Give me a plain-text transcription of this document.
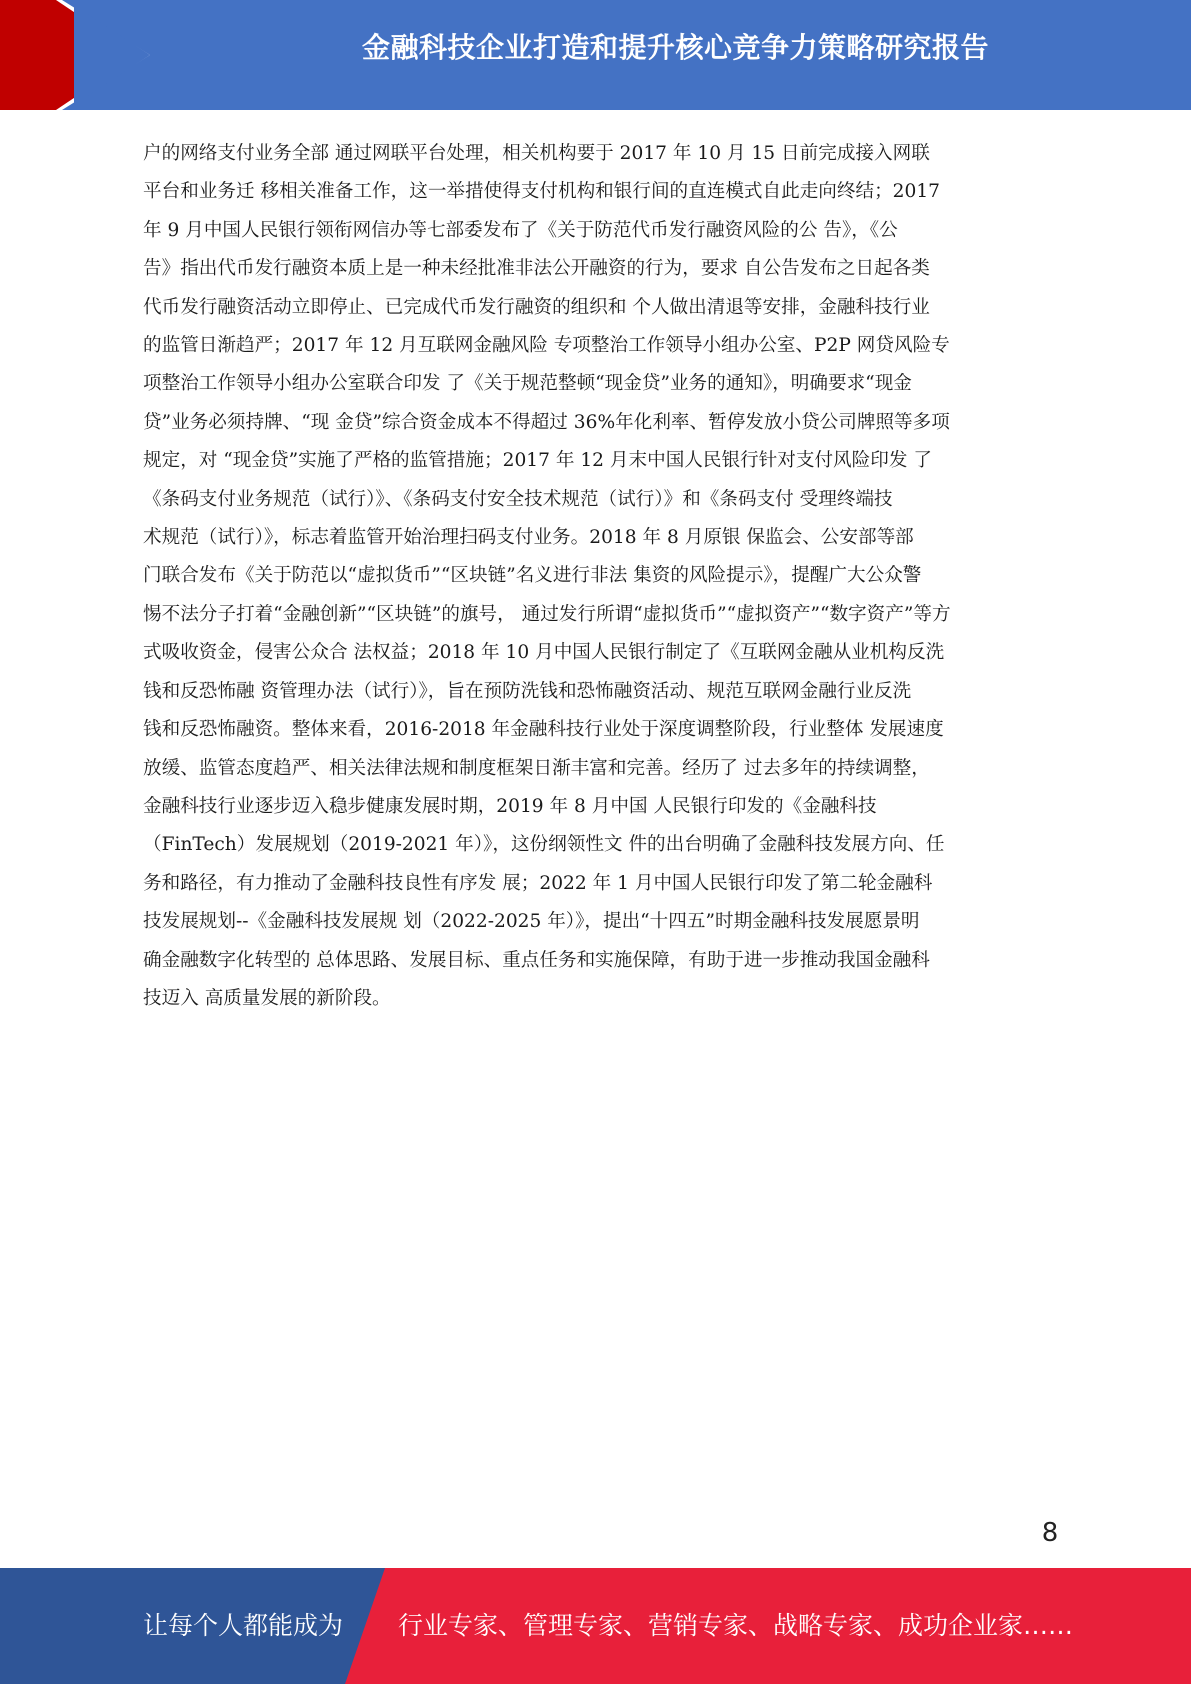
金融科技企业打造和提升核心竞争力策略研究报告
户的网络支付业务全部 通过网联平台处理，相关机构要于 2017 年 10 月 15 日前完成接入网联
平台和业务迁 移相关准备工作，这一举措使得支付机构和银行间的直连模式自此走向终结；2017
年 9 月中国人民银行领衔网信办等七部委发布了《关于防范代币发行融资风险的公 告》，《公
告》指出代币发行融资本质上是一种未经批准非法公开融资的行为，要求 自公告发布之日起各类
代币发行融资活动立即停止、已完成代币发行融资的组织和 个人做出清退等安排，金融科技行业
的监管日渐趋严；2017 年 12 月互联网金融风险 专项整治工作领导小组办公室、P2P 网贷风险专
项整治工作领导小组办公室联合印发 了《关于规范整顿“现金贷”业务的通知》，明确要求“现金
贷”业务必须持牌、“现 金贷”综合资金成本不得超过 36%年化利率、暂停发放小贷公司牌照等多项
规定，对 “现金贷”实施了严格的监管措施；2017 年 12 月末中国人民银行针对支付风险印发 了
《条码支付业务规范（试行）》、《条码支付安全技术规范（试行）》和《条码支付 受理终端技
术规范（试行）》，标志着监管开始治理扫码支付业务。2018 年 8 月原银 保监会、公安部等部
门联合发布《关于防范以“虚拟货币”“区块链”名义进行非法 集资的风险提示》，提醒广大公众警
惕不法分子打着“金融创新”“区块链”的旗号， 通过发行所谓“虚拟货币”“虚拟资产”“数字资产”等方
式吸收资金，侵害公众合 法权益；2018 年 10 月中国人民银行制定了《互联网金融从业机构反洗
钱和反恐怖融 资管理办法（试行）》，旨在预防洗钱和恐怖融资活动、规范互联网金融行业反洗
钱和反恐怖融资。整体来看，2016-2018 年金融科技行业处于深度调整阶段，行业整体 发展速度
放缓、监管态度趋严、相关法律法规和制度框架日渐丰富和完善。经历了 过去多年的持续调整，
金融科技行业逐步迈入稳步健康发展时期，2019 年 8 月中国 人民银行印发的《金融科技
（FinTech）发展规划（2019-2021 年）》，这份纲领性文 件的出台明确了金融科技发展方向、任
务和路径，有力推动了金融科技良性有序发 展；2022 年 1 月中国人民银行印发了第二轮金融科
技发展规划--《金融科技发展规 划（2022-2025 年）》，提出“十四五”时期金融科技发展愿景明
确金融数字化转型的 总体思路、发展目标、重点任务和实施保障，有助于进一步推动我国金融科
技迈入 高质量发展的新阶段。
8
让每个人都能成为 行业专家、管理专家、营销专家、战略专家、成功企业家……
